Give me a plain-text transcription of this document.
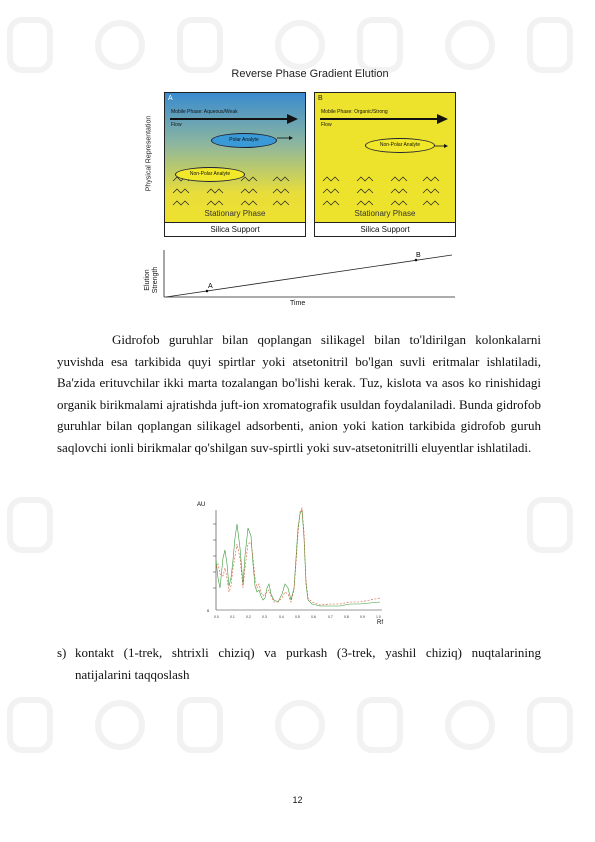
Reverse Phase Gradient Elution
Physical Representation
A
Mobile Phase: Aqueous/Weak
Flow
Polar Analyte
Non-Polar Analyte
Stationary Phase
Silica Support
B
Mobile Phase: Organic/Strong
Flow
Non-Polar Analyte
Stationary Phase
Silica Support
Elution Strength	A
B
Time

Gidrofob guruhlar bilan qoplangan silikagel bilan to'ldirilgan kolonkalarni yuvishda esa tarkibida quyi spirtlar yoki atsetonitril bo'lgan suvli eritmalar ishlatiladi, Ba'zida erituvchilar ikki marta tozalangan bo'lishi kerak. Tuz, kislota va asos ko rinishidagi organik birikmalami ajratishda juft-ion xromatografik usuldan foydalaniladi. Bunda gidrofob guruhlar bilan qoplangan silikagel adsorbenti, anion yoki kation tarkibida gidrofob guruh saqlovchi ionli birikmalar qo'shilgan suv-spirtli yoki suv-atsetonitrilli eluyentlar ishlatiladi.

AU
0
0.0	0.1	0.2	0.3	0.4	0.5	0.6	0.7	0.8	0.9	1.0
Rf
s) kontakt (1-trek, shtrixli chiziq) va purkash (3-trek, yashil chiziq) nuqtalarining natijalarini taqqoslash
12
